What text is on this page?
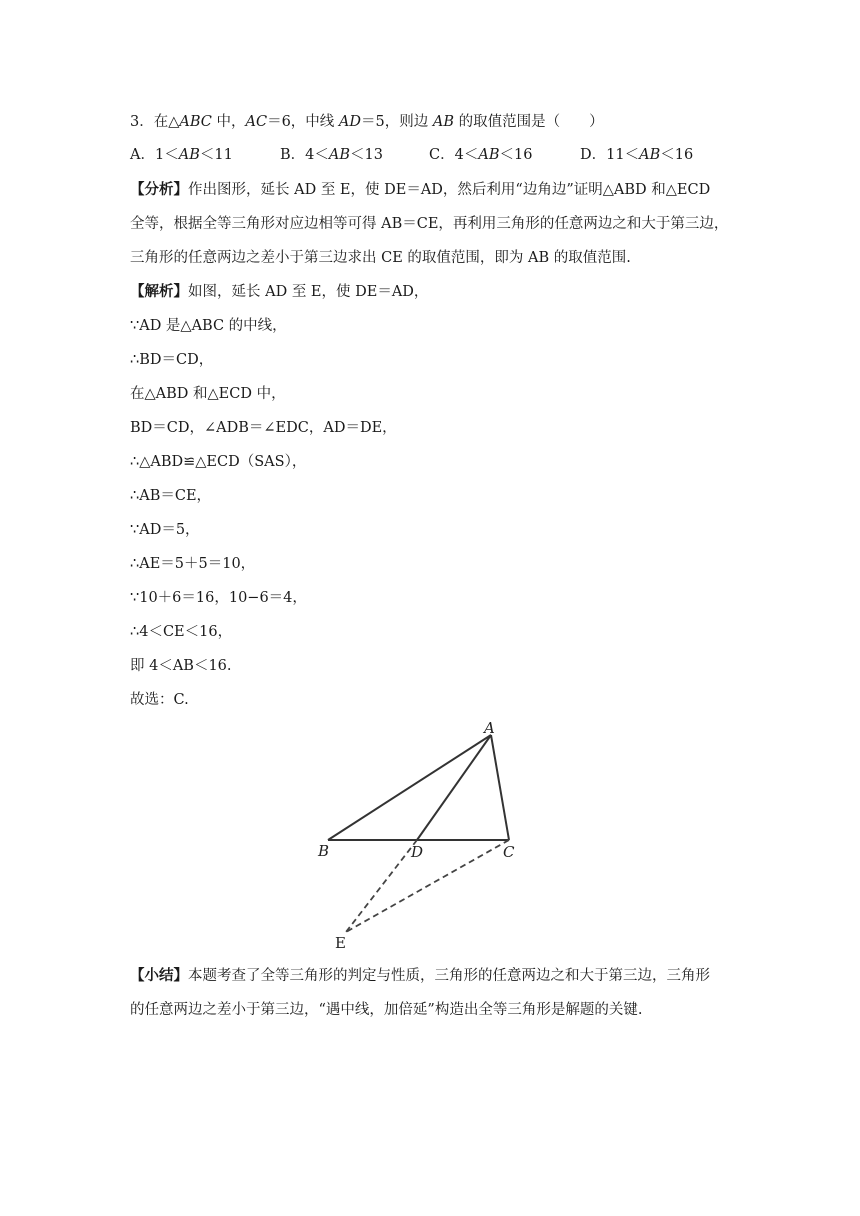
3．在△ABC 中，AC＝6，中线 AD＝5，则边 AB 的取值范围是（　　）
A．1＜AB＜11	B．4＜AB＜13	C．4＜AB＜16	D．11＜AB＜16
【分析】作出图形，延长 AD 至 E，使 DE＝AD，然后利用“边角边”证明△ABD 和△ECD
全等，根据全等三角形对应边相等可得 AB＝CE，再利用三角形的任意两边之和大于第三边，
三角形的任意两边之差小于第三边求出 CE 的取值范围，即为 AB 的取值范围.
【解析】如图，延长 AD 至 E，使 DE＝AD，
∵AD 是△ABC 的中线，
∴BD＝CD，
在△ABD 和△ECD 中，
BD＝CD，∠ADB＝∠EDC，AD＝DE，
∴△ABD≌△ECD（SAS），
∴AB＝CE，
∵AD＝5，
∴AE＝5＋5＝10，
∵10＋6＝16，10−6＝4，
∴4＜CE＜16，
即 4＜AB＜16.
故选：C.
【小结】本题考查了全等三角形的判定与性质，三角形的任意两边之和大于第三边，三角形
的任意两边之差小于第三边，“遇中线，加倍延”构造出全等三角形是解题的关键.
A
B	D	C
E
